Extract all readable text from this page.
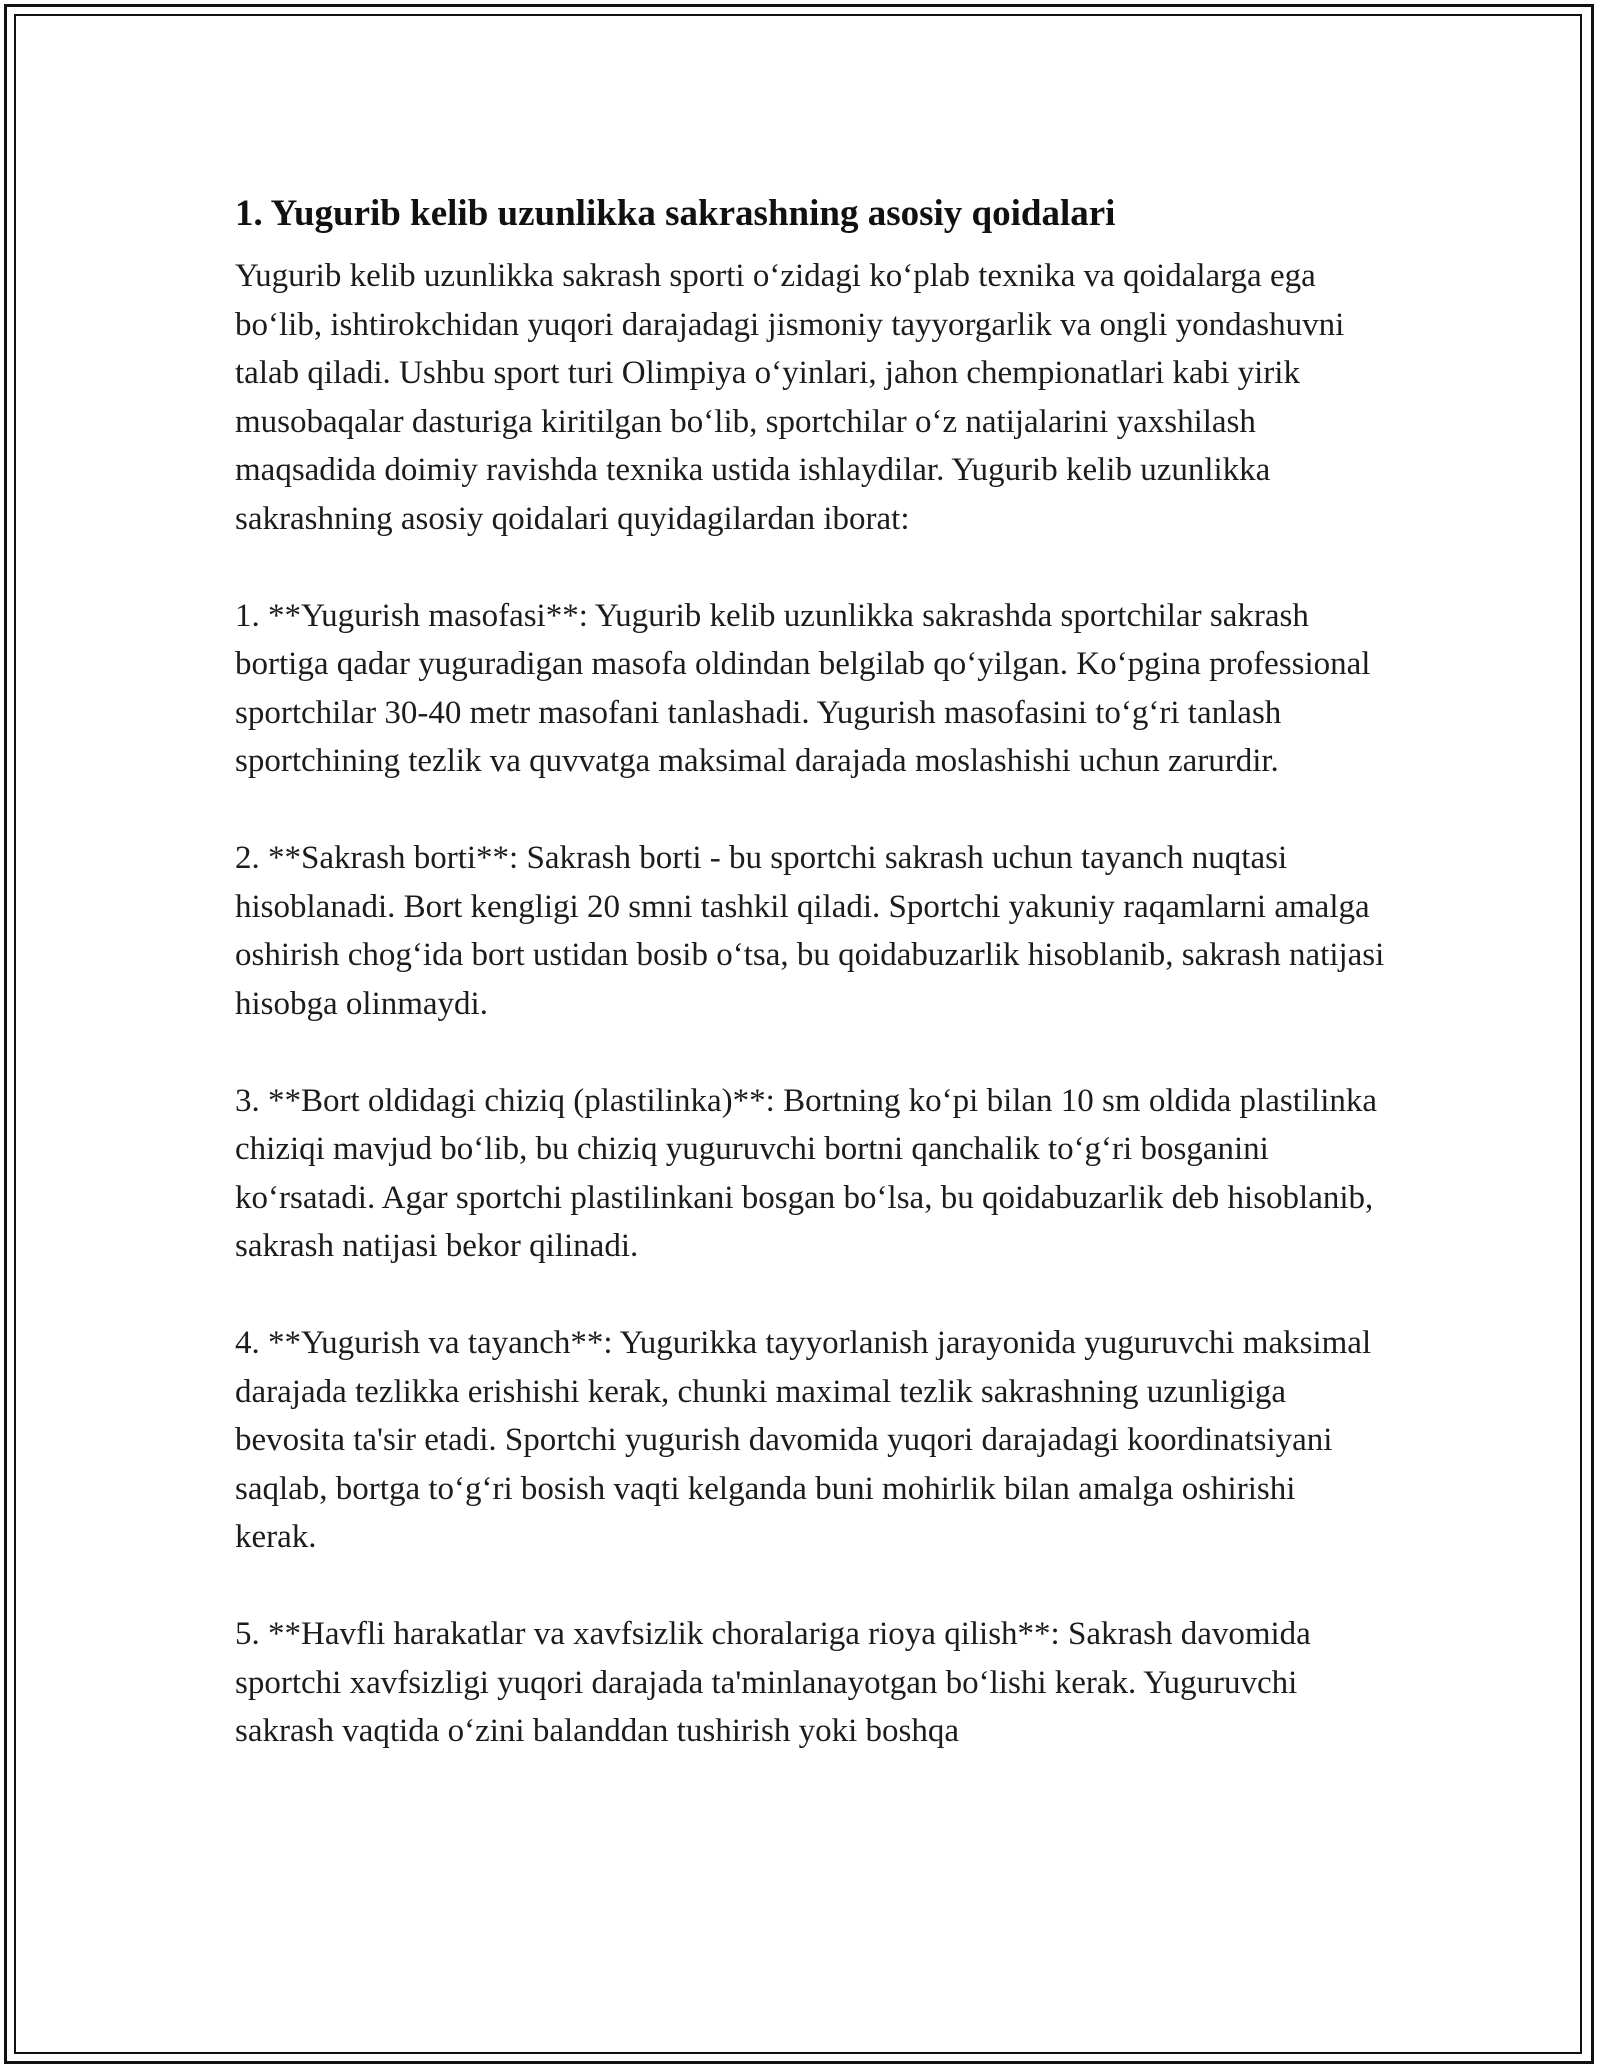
1. Yugurib kelib uzunlikka sakrashning asosiy qoidalari

Yugurib kelib uzunlikka sakrash sporti o‘zidagi ko‘plab texnika va qoidalarga ega bo‘lib, ishtirokchidan yuqori darajadagi jismoniy tayyorgarlik va ongli yondashuvni talab qiladi. Ushbu sport turi Olimpiya o‘yinlari, jahon chempionatlari kabi yirik musobaqalar dasturiga kiritilgan bo‘lib, sportchilar o‘z natijalarini yaxshilash maqsadida doimiy ravishda texnika ustida ishlaydilar. Yugurib kelib uzunlikka sakrashning asosiy qoidalari quyidagilardan iborat:

1. **Yugurish masofasi**: Yugurib kelib uzunlikka sakrashda sportchilar sakrash bortiga qadar yuguradigan masofa oldindan belgilab qo‘yilgan. Ko‘pgina professional sportchilar 30-40 metr masofani tanlashadi. Yugurish masofasini to‘g‘ri tanlash sportchining tezlik va quvvatga maksimal darajada moslashishi uchun zarurdir.

2. **Sakrash borti**: Sakrash borti - bu sportchi sakrash uchun tayanch nuqtasi hisoblanadi. Bort kengligi 20 smni tashkil qiladi. Sportchi yakuniy raqamlarni amalga oshirish chog‘ida bort ustidan bosib o‘tsa, bu qoidabuzarlik hisoblanib, sakrash natijasi hisobga olinmaydi.

3. **Bort oldidagi chiziq (plastilinka)**: Bortning ko‘pi bilan 10 sm oldida plastilinka chiziqi mavjud bo‘lib, bu chiziq yuguruvchi bortni qanchalik to‘g‘ri bosganini ko‘rsatadi. Agar sportchi plastilinkani bosgan bo‘lsa, bu qoidabuzarlik deb hisoblanib, sakrash natijasi bekor qilinadi.

4. **Yugurish va tayanch**: Yugurikka tayyorlanish jarayonida yuguruvchi maksimal darajada tezlikka erishishi kerak, chunki maximal tezlik sakrashning uzunligiga bevosita ta'sir etadi. Sportchi yugurish davomida yuqori darajadagi koordinatsiyani saqlab, bortga to‘g‘ri bosish vaqti kelganda buni mohirlik bilan amalga oshirishi kerak.

5. **Havfli harakatlar va xavfsizlik choralariga rioya qilish**: Sakrash davomida sportchi xavfsizligi yuqori darajada ta'minlanayotgan bo‘lishi kerak. Yuguruvchi sakrash vaqtida o‘zini balanddan tushirish yoki boshqa
